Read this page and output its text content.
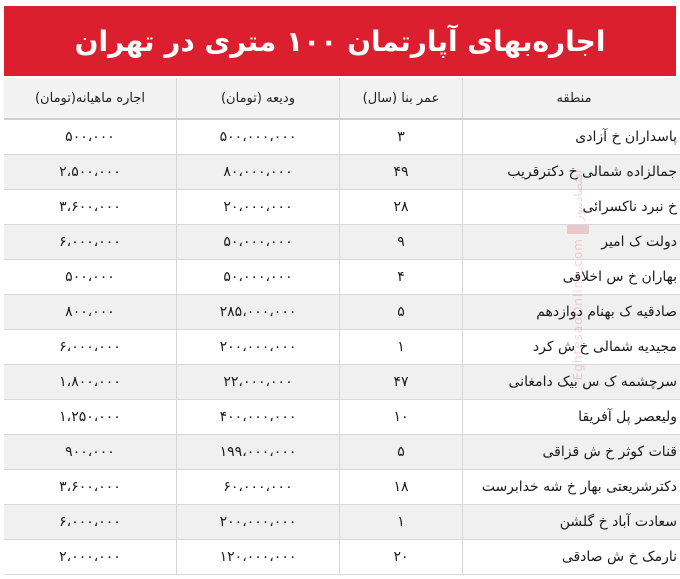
اجاره‌بهای آپارتمان ۱۰۰ متری در تهران
منطقه	عمر بنا (سال)	ودیعه (تومان)	اجاره ماهیانه(تومان)
پاسداران خ آزادی	۳	۵۰۰،۰۰۰،۰۰۰	۵۰۰،۰۰۰
جمالزاده شمالی خ دکترقریب	۴۹	۸۰،۰۰۰،۰۰۰	۲،۵۰۰،۰۰۰
خ نبرد ناکسرائی	۲۸	۲۰،۰۰۰،۰۰۰	۳،۶۰۰،۰۰۰
دولت ک امیر	۹	۵۰،۰۰۰،۰۰۰	۶،۰۰۰،۰۰۰
بهاران خ س اخلاقی	۴	۵۰،۰۰۰،۰۰۰	۵۰۰،۰۰۰
صادقیه ک بهنام دوازدهم	۵	۲۸۵،۰۰۰،۰۰۰	۸۰۰،۰۰۰
مجیدیه شمالی خ ش کرد	۱	۲۰۰،۰۰۰،۰۰۰	۶،۰۰۰،۰۰۰
سرچشمه ک س بیک دامغانی	۴۷	۲۲،۰۰۰،۰۰۰	۱،۸۰۰،۰۰۰
ولیعصر پل آفریقا	۱۰	۴۰۰،۰۰۰،۰۰۰	۱،۲۵۰،۰۰۰
قنات کوثر خ ش قزاقی	۵	۱۹۹،۰۰۰،۰۰۰	۹۰۰،۰۰۰
دکترشریعتی بهار خ شه خدابرست	۱۸	۶۰،۰۰۰،۰۰۰	۳،۶۰۰،۰۰۰
سعادت آباد خ گلشن	۱	۲۰۰،۰۰۰،۰۰۰	۶،۰۰۰،۰۰۰
نارمک خ ش صادقی	۲۰	۱۲۰،۰۰۰،۰۰۰	۲،۰۰۰،۰۰۰
اقتصادنیوز
